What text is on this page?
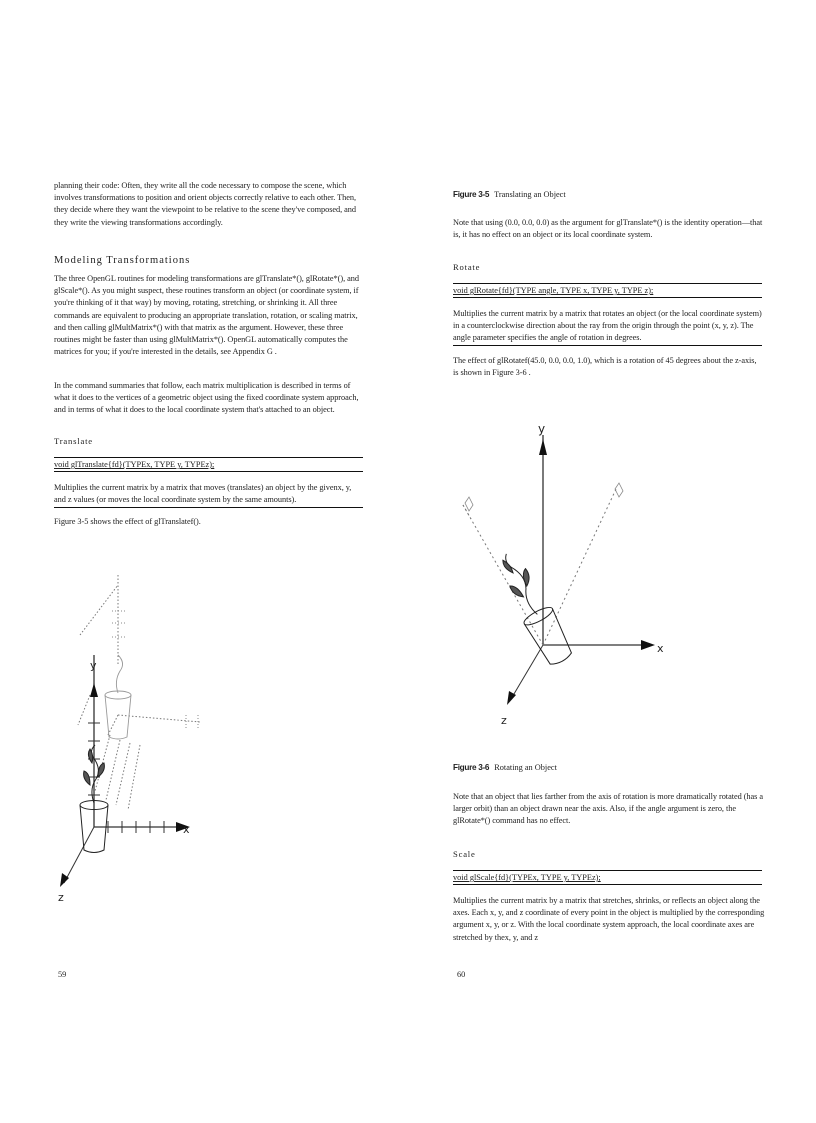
planning their code: Often, they write all the code necessary to compose the scene, which involves transformations to position and orient objects correctly relative to each other. Then, they decide where they want the viewpoint to be relative to the scene they've composed, and they write the viewing transformations accordingly.

Modeling Transformations

The three OpenGL routines for modeling transformations are glTranslate*(), glRotate*(), and glScale*(). As you might suspect, these routines transform an object (or coordinate system, if you're thinking of it that way) by moving, rotating, stretching, or shrinking it. All three commands are equivalent to producing an appropriate translation, rotation, or scaling matrix, and then calling glMultMatrix*() with that matrix as the argument. However, these three routines might be faster than using glMultMatrix*(). OpenGL automatically computes the matrices for you; if you're interested in the details, see Appendix G .

In the command summaries that follow, each matrix multiplication is described in terms of what it does to the vertices of a geometric object using the fixed coordinate system approach, and in terms of what it does to the local coordinate system that's attached to an object.

Translate

void glTranslate{fd}(TYPEx, TYPE y, TYPEz);

Multiplies the current matrix by a matrix that moves (translates) an object by the givenx, y, and z values (or moves the local coordinate system by the same amounts).

Figure 3-5 shows the effect of glTranslatef().

y
x
z
59

Figure 3-5 Translating an Object

Note that using (0.0, 0.0, 0.0) as the argument for glTranslate*() is the identity operation—that is, it has no effect on an object or its local coordinate system.

Rotate

void glRotate{fd}(TYPE angle, TYPE x, TYPE y, TYPE z);

Multiplies the current matrix by a matrix that rotates an object (or the local coordinate system) in a counterclockwise direction about the ray from the origin through the point (x, y, z). The angle parameter specifies the angle of rotation in degrees.

The effect of glRotatef(45.0, 0.0, 0.0, 1.0), which is a rotation of 45 degrees about the z-axis, is shown in Figure 3-6 .

y
x
z

Figure 3-6 Rotating an Object

Note that an object that lies farther from the axis of rotation is more dramatically rotated (has a larger orbit) than an object drawn near the axis. Also, if the angle argument is zero, the glRotate*() command has no effect.

Scale

void glScale{fd}(TYPEx, TYPE y, TYPEz);

Multiplies the current matrix by a matrix that stretches, shrinks, or reflects an object along the axes. Each x, y, and z coordinate of every point in the object is multiplied by the corresponding argument x, y, or z. With the local coordinate system approach, the local coordinate axes are stretched by thex, y, and z

60
